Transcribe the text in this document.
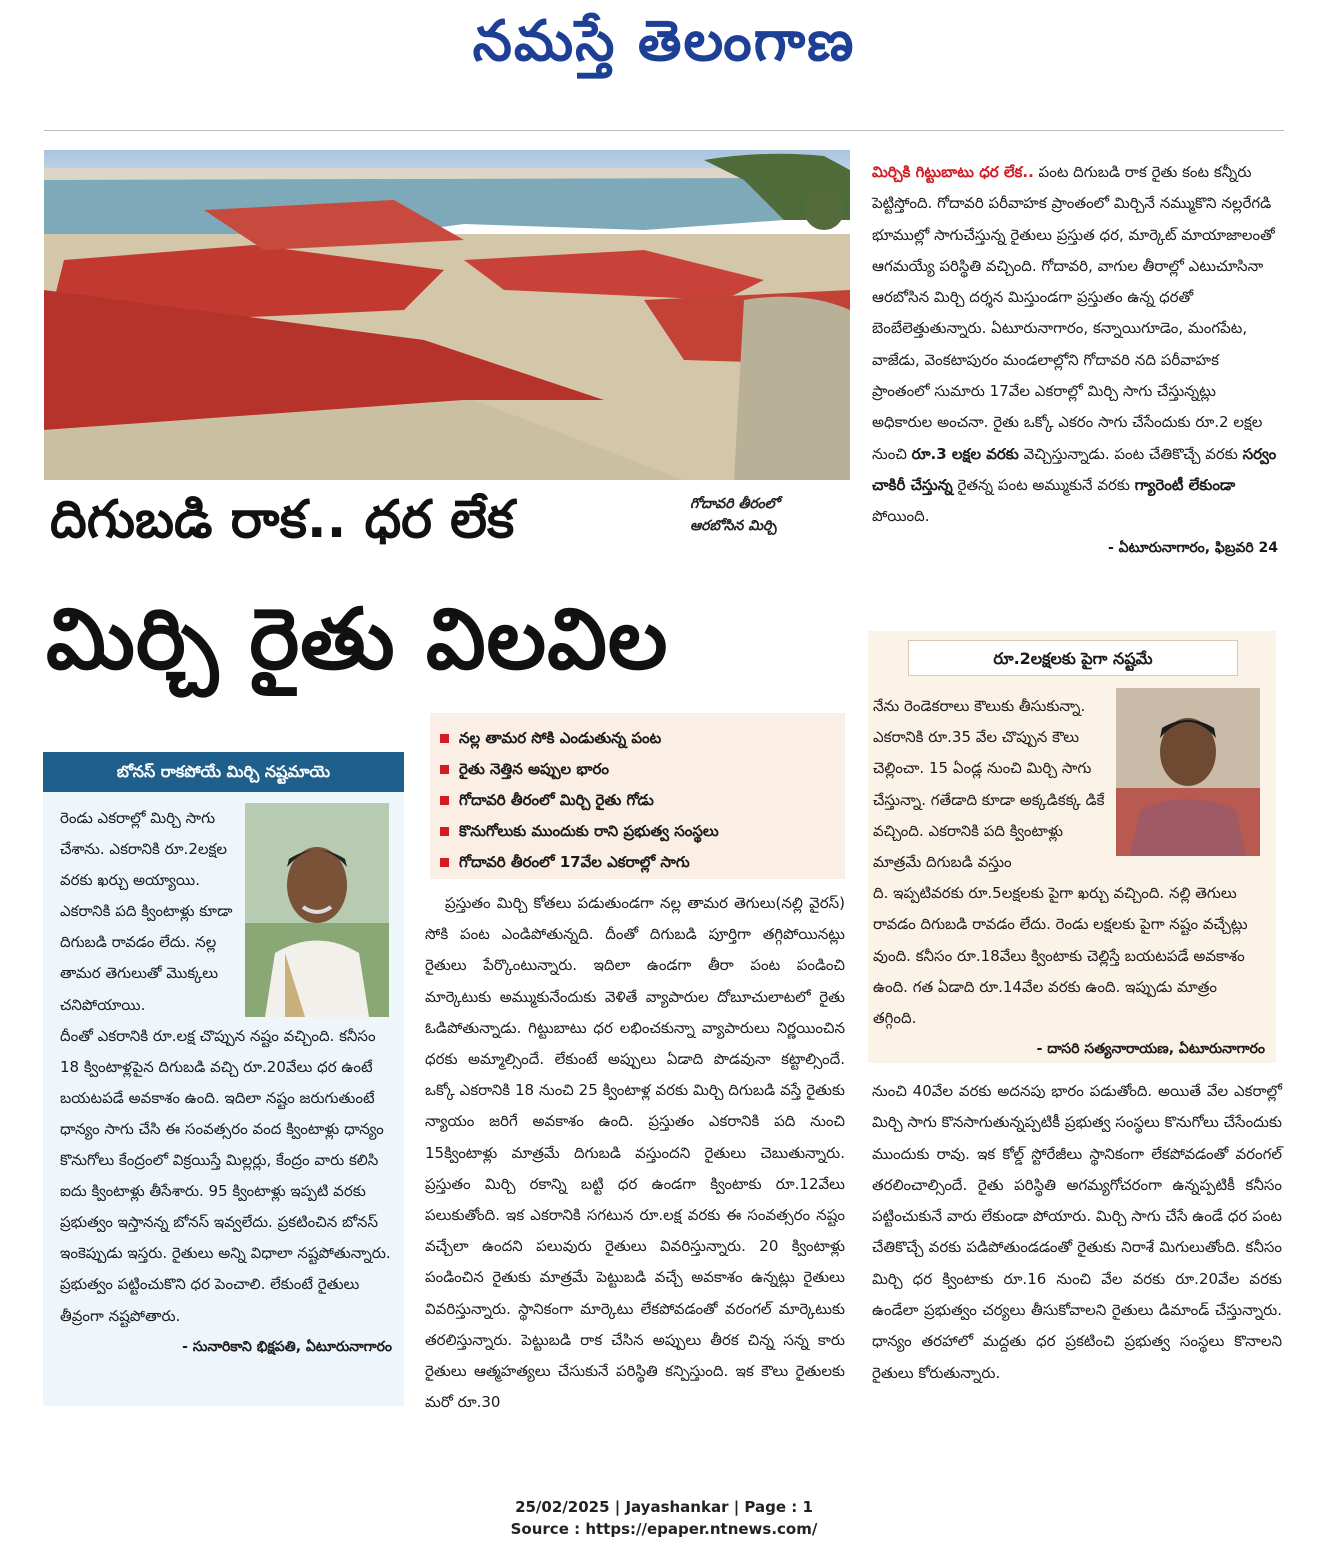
నమస్తే తెలంగాణ
గోదావరి తీరంలో
ఆరబోసిన మిర్చి
దిగుబడి రాక.. ధర లేక
మిర్చి రైతు విలవిల

మిర్చికి గిట్టుబాటు ధర లేక.. పంట దిగుబడి రాక రైతు కంట కన్నీరు పెట్టిస్తోంది. గోదావరి పరీవాహక ప్రాంతంలో మిర్చినే నమ్ముకొని నల్లరేగడి భూముల్లో సాగుచేస్తున్న రైతులు ప్రస్తుత ధర, మార్కెట్ మాయాజాలంతో ఆగమయ్యే పరిస్థితి వచ్చింది. గోదావరి, వాగుల తీరాల్లో ఎటుచూసినా ఆరబోసిన మిర్చి దర్శన మిస్తుండగా ప్రస్తుతం ఉన్న ధరతో బెంబేలెత్తుతున్నారు. ఏటూరునాగారం, కన్నాయిగూడెం, మంగపేట, వాజేడు, వెంకటాపురం మండలాల్లోని గోదావరి నది పరీవాహక ప్రాంతంలో సుమారు 17వేల ఎకరాల్లో మిర్చి సాగు చేస్తున్నట్లు అధికారుల అంచనా. రైతు ఒక్కో ఎకరం సాగు చేసేందుకు రూ.2 లక్షల నుంచి రూ.3 లక్షల వరకు వెచ్చిస్తున్నాడు. పంట చేతికొచ్చే వరకు సర్వం చాకిరీ చేస్తున్న రైతన్న పంట అమ్ముకునే వరకు గ్యారెంటీ లేకుండా పోయింది.

- ఏటూరునాగారం, ఫిబ్రవరి 24

నల్ల తామర సోకి ఎండుతున్న పంట
రైతు నెత్తిన అప్పుల భారం
గోదావరి తీరంలో మిర్చి రైతు గోడు
కొనుగోలుకు ముందుకు రాని ప్రభుత్వ సంస్థలు
గోదావరి తీరంలో 17వేల ఎకరాల్లో సాగు
బోనస్ రాకపోయే మిర్చి నష్టమాయె

రెండు ఎకరాల్లో మిర్చి సాగు చేశాను. ఎకరానికి రూ.2లక్షల వరకు ఖర్చు అయ్యాయి. ఎకరానికి పది క్వింటాళ్లు కూడా దిగుబడి రావడం లేదు. నల్ల తామర తెగులుతో మొక్కలు చనిపోయాయి.

దీంతో ఎకరానికి రూ.లక్ష చొప్పున నష్టం వచ్చింది. కనీసం 18 క్వింటాళ్లపైన దిగుబడి వచ్చి రూ.20వేలు ధర ఉంటే బయటపడే అవకాశం ఉంది. ఇదిలా నష్టం జరుగుతుంటే ధాన్యం సాగు చేసి ఈ సంవత్సరం వంద క్వింటాళ్లు ధాన్యం కొనుగోలు కేంద్రంలో విక్రయిస్తే మిల్లర్లు, కేంద్రం వారు కలిసి ఐదు క్వింటాళ్లు తీసేశారు. 95 క్వింటాళ్లు ఇప్పటి వరకు ప్రభుత్వం ఇస్తానన్న బోనస్ ఇవ్వలేదు. ప్రకటించిన బోనస్ ఇంకెప్పుడు ఇస్తరు. రైతులు అన్ని విధాలా నష్టపోతున్నారు. ప్రభుత్వం పట్టించుకొని ధర పెంచాలి. లేకుంటే రైతులు తీవ్రంగా నష్టపోతారు.

- సునారికాని భిక్షపతి, ఏటూరునాగారం

ప్రస్తుతం మిర్చి కోతలు పడుతుండగా నల్ల తామర తెగులు(నల్లి వైరస్) సోకి పంట ఎండిపోతున్నది. దీంతో దిగుబడి పూర్తిగా తగ్గిపోయినట్లు రైతులు పేర్కొంటున్నారు. ఇదిలా ఉండగా తీరా పంట పండించి మార్కెటుకు అమ్ముకునేందుకు వెళితే వ్యాపారుల దోబూచులాటలో రైతు ఓడిపోతున్నాడు. గిట్టుబాటు ధర లభించకున్నా వ్యాపారులు నిర్ణయించిన ధరకు అమ్మాల్సిందే. లేకుంటే అప్పులు ఏడాది పొడవునా కట్టాల్సిందే. ఒక్కో ఎకరానికి 18 నుంచి 25 క్వింటాళ్ల వరకు మిర్చి దిగుబడి వస్తే రైతుకు న్యాయం జరిగే అవకాశం ఉంది. ప్రస్తుతం ఎకరానికి పది నుంచి 15క్వింటాళ్లు మాత్రమే దిగుబడి వస్తుందని రైతులు చెబుతున్నారు. ప్రస్తుతం మిర్చి రకాన్ని బట్టి ధర ఉండగా క్వింటాకు రూ.12వేలు పలుకుతోంది. ఇక ఎకరానికి సగటున రూ.లక్ష వరకు ఈ సంవత్సరం నష్టం వచ్చేలా ఉందని పలువురు రైతులు వివరిస్తున్నారు. 20 క్వింటాళ్లు పండించిన రైతుకు మాత్రమే పెట్టుబడి వచ్చే అవకాశం ఉన్నట్లు రైతులు వివరిస్తున్నారు. స్థానికంగా మార్కెటు లేకపోవడంతో వరంగల్ మార్కెటుకు తరలిస్తున్నారు. పెట్టుబడి రాక చేసిన అప్పులు తీరక చిన్న సన్న కారు రైతులు ఆత్మహత్యలు చేసుకునే పరిస్థితి కన్పిస్తుంది. ఇక కౌలు రైతులకు మరో రూ.30

రూ.2లక్షలకు పైగా నష్టమే

నేను రెండెకరాలు కౌలుకు తీసుకున్నా. ఎకరానికి రూ.35 వేల చొప్పున కౌలు చెల్లించా. 15 ఏండ్ల నుంచి మిర్చి సాగు చేస్తున్నా. గతేడాది కూడా అక్కడికక్క డికే వచ్చింది. ఎకరానికి పది క్వింటాళ్లు మాత్రమే దిగుబడి వస్తుం

ది. ఇప్పటివరకు రూ.5లక్షలకు పైగా ఖర్చు వచ్చింది. నల్లి తెగులు రావడం దిగుబడి రావడం లేదు. రెండు లక్షలకు పైగా నష్టం వచ్చేట్లు వుంది. కనీసం రూ.18వేలు క్వింటాకు చెల్లిస్తే బయటపడే అవకాశం ఉంది. గత ఏడాది రూ.14వేల వరకు ఉంది. ఇప్పుడు మాత్రం తగ్గింది.

- దాసరి సత్యనారాయణ, ఏటూరునాగారం

నుంచి 40వేల వరకు అదనపు భారం పడుతోంది. అయితే వేల ఎకరాల్లో మిర్చి సాగు కొనసాగుతున్నప్పటికీ ప్రభుత్వ సంస్థలు కొనుగోలు చేసేందుకు ముందుకు రావు. ఇక కోల్డ్ స్టోరేజీలు స్థానికంగా లేకపోవడంతో వరంగల్ తరలించాల్సిందే. రైతు పరిస్థితి అగమ్యగోచరంగా ఉన్నప్పటికీ కనీసం పట్టించుకునే వారు లేకుండా పోయారు. మిర్చి సాగు చేసే ఉండే ధర పంట చేతికొచ్చే వరకు పడిపోతుండడంతో రైతుకు నిరాశే మిగులుతోంది. కనీసం మిర్చి ధర క్వింటాకు రూ.16 నుంచి వేల వరకు రూ.20వేల వరకు ఉండేలా ప్రభుత్వం చర్యలు తీసుకోవాలని రైతులు డిమాండ్ చేస్తున్నారు. ధాన్యం తరహాలో మద్దతు ధర ప్రకటించి ప్రభుత్వ సంస్థలు కొనాలని రైతులు కోరుతున్నారు.

25/02/2025 | Jayashankar | Page : 1
Source : https://epaper.ntnews.com/
